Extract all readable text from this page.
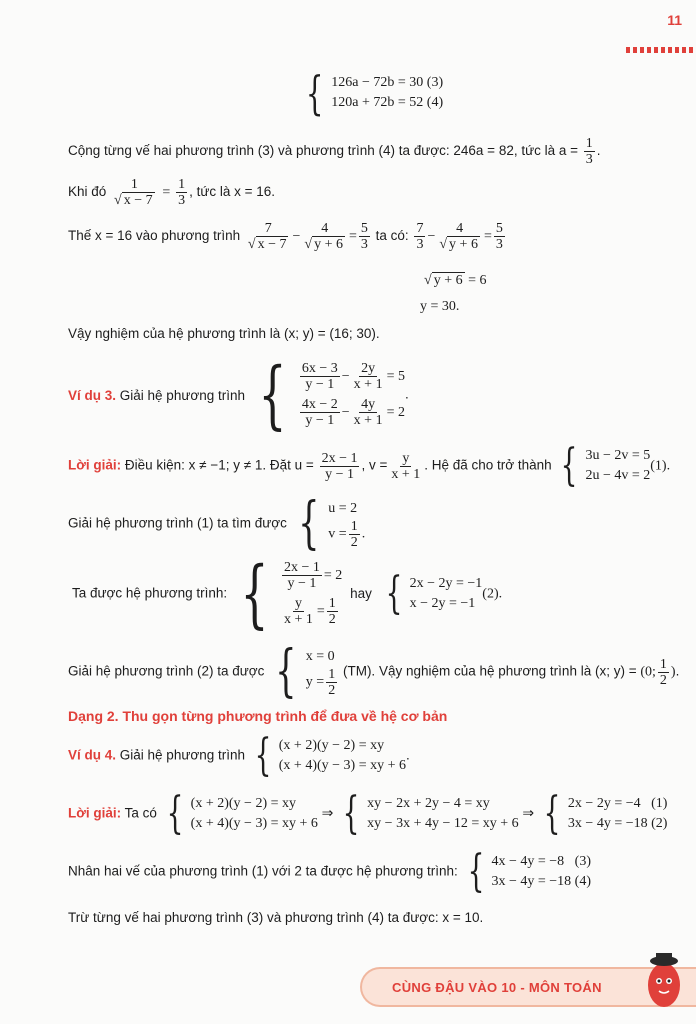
11
{ 126a − 72b = 30 (3)
120a + 72b = 52 (4)
Cộng từng vế hai phương trình (3) và phương trình (4) ta được: 246a = 82, tức là $a = \frac{1}{3}$ .
Khi đó $\frac{1}{√ x - 7} = \frac{1}{3}$ , tức là x = 16.
Thế x = 16 vào phương trình $\frac{7}{√ x - 7} - \frac{4}{√ y + 6} = \frac{5}{3}$ ta có: $\frac{7}{3} - \frac{4}{√ y + 6} = \frac{5}{3}$
√ y + 6 = 6
y = 30.
Vậy nghiệm của hệ phương trình là (x; y) = (16; 30).
Ví dụ 3. Giải hệ phương trình { $\frac{6x - 3}{y - 1} - \frac{2y}{x + 1} = 5$
$\frac{4x - 2}{y - 1} - \frac{4y}{x + 1} = 2$
.
Lời giải: Điều kiện: x ≠ −1; y ≠ 1. Đặt $u = \frac{2x - 1}{y - 1}$ , $v = \frac{y}{x + 1}$ . Hệ đã cho trở thành { 3u − 2v = 5
2u − 4v = 2
(1).
Giải hệ phương trình (1) ta tìm được { u = 2
$v = \frac{1}{2}$ .
Ta được hệ phương trình: { $\frac{2x - 1}{y - 1} = 2$
$\frac{y}{x + 1} = \frac{1}{2}$
hay { 2x − 2y = −1
x − 2y = −1
(2).
Giải hệ phương trình (2) ta được { x = 0
$y = \frac{1}{2} (TM)$. Vậy nghiệm của hệ phương trình là (x; y) = (0; $\frac{1}{2}$ ).
Dạng 2. Thu gọn từng phương trình để đưa về hệ cơ bản
Ví dụ 4. Giải hệ phương trình { (x + 2)(y − 2) = xy
(x + 4)(y − 3) = xy + 6
.
Lời giải: Ta có { (x + 2)(y − 2) = xy
(x + 4)(y − 3) = xy + 6
⇒ { xy − 2x + 2y − 4 = xy
xy − 3x + 4y − 12 = xy + 6
⇒ { 2x − 2y = −4   (1)
3x − 4y = −18 (2)
Nhân hai vế của phương trình (1) với 2 ta được hệ phương trình: { 4x − 4y = −8   (3)
3x − 4y = −18 (4)
Trừ từng vế hai phương trình (3) và phương trình (4) ta được: x = 10.
CÙNG ĐẬU VÀO 10 - MÔN TOÁN
